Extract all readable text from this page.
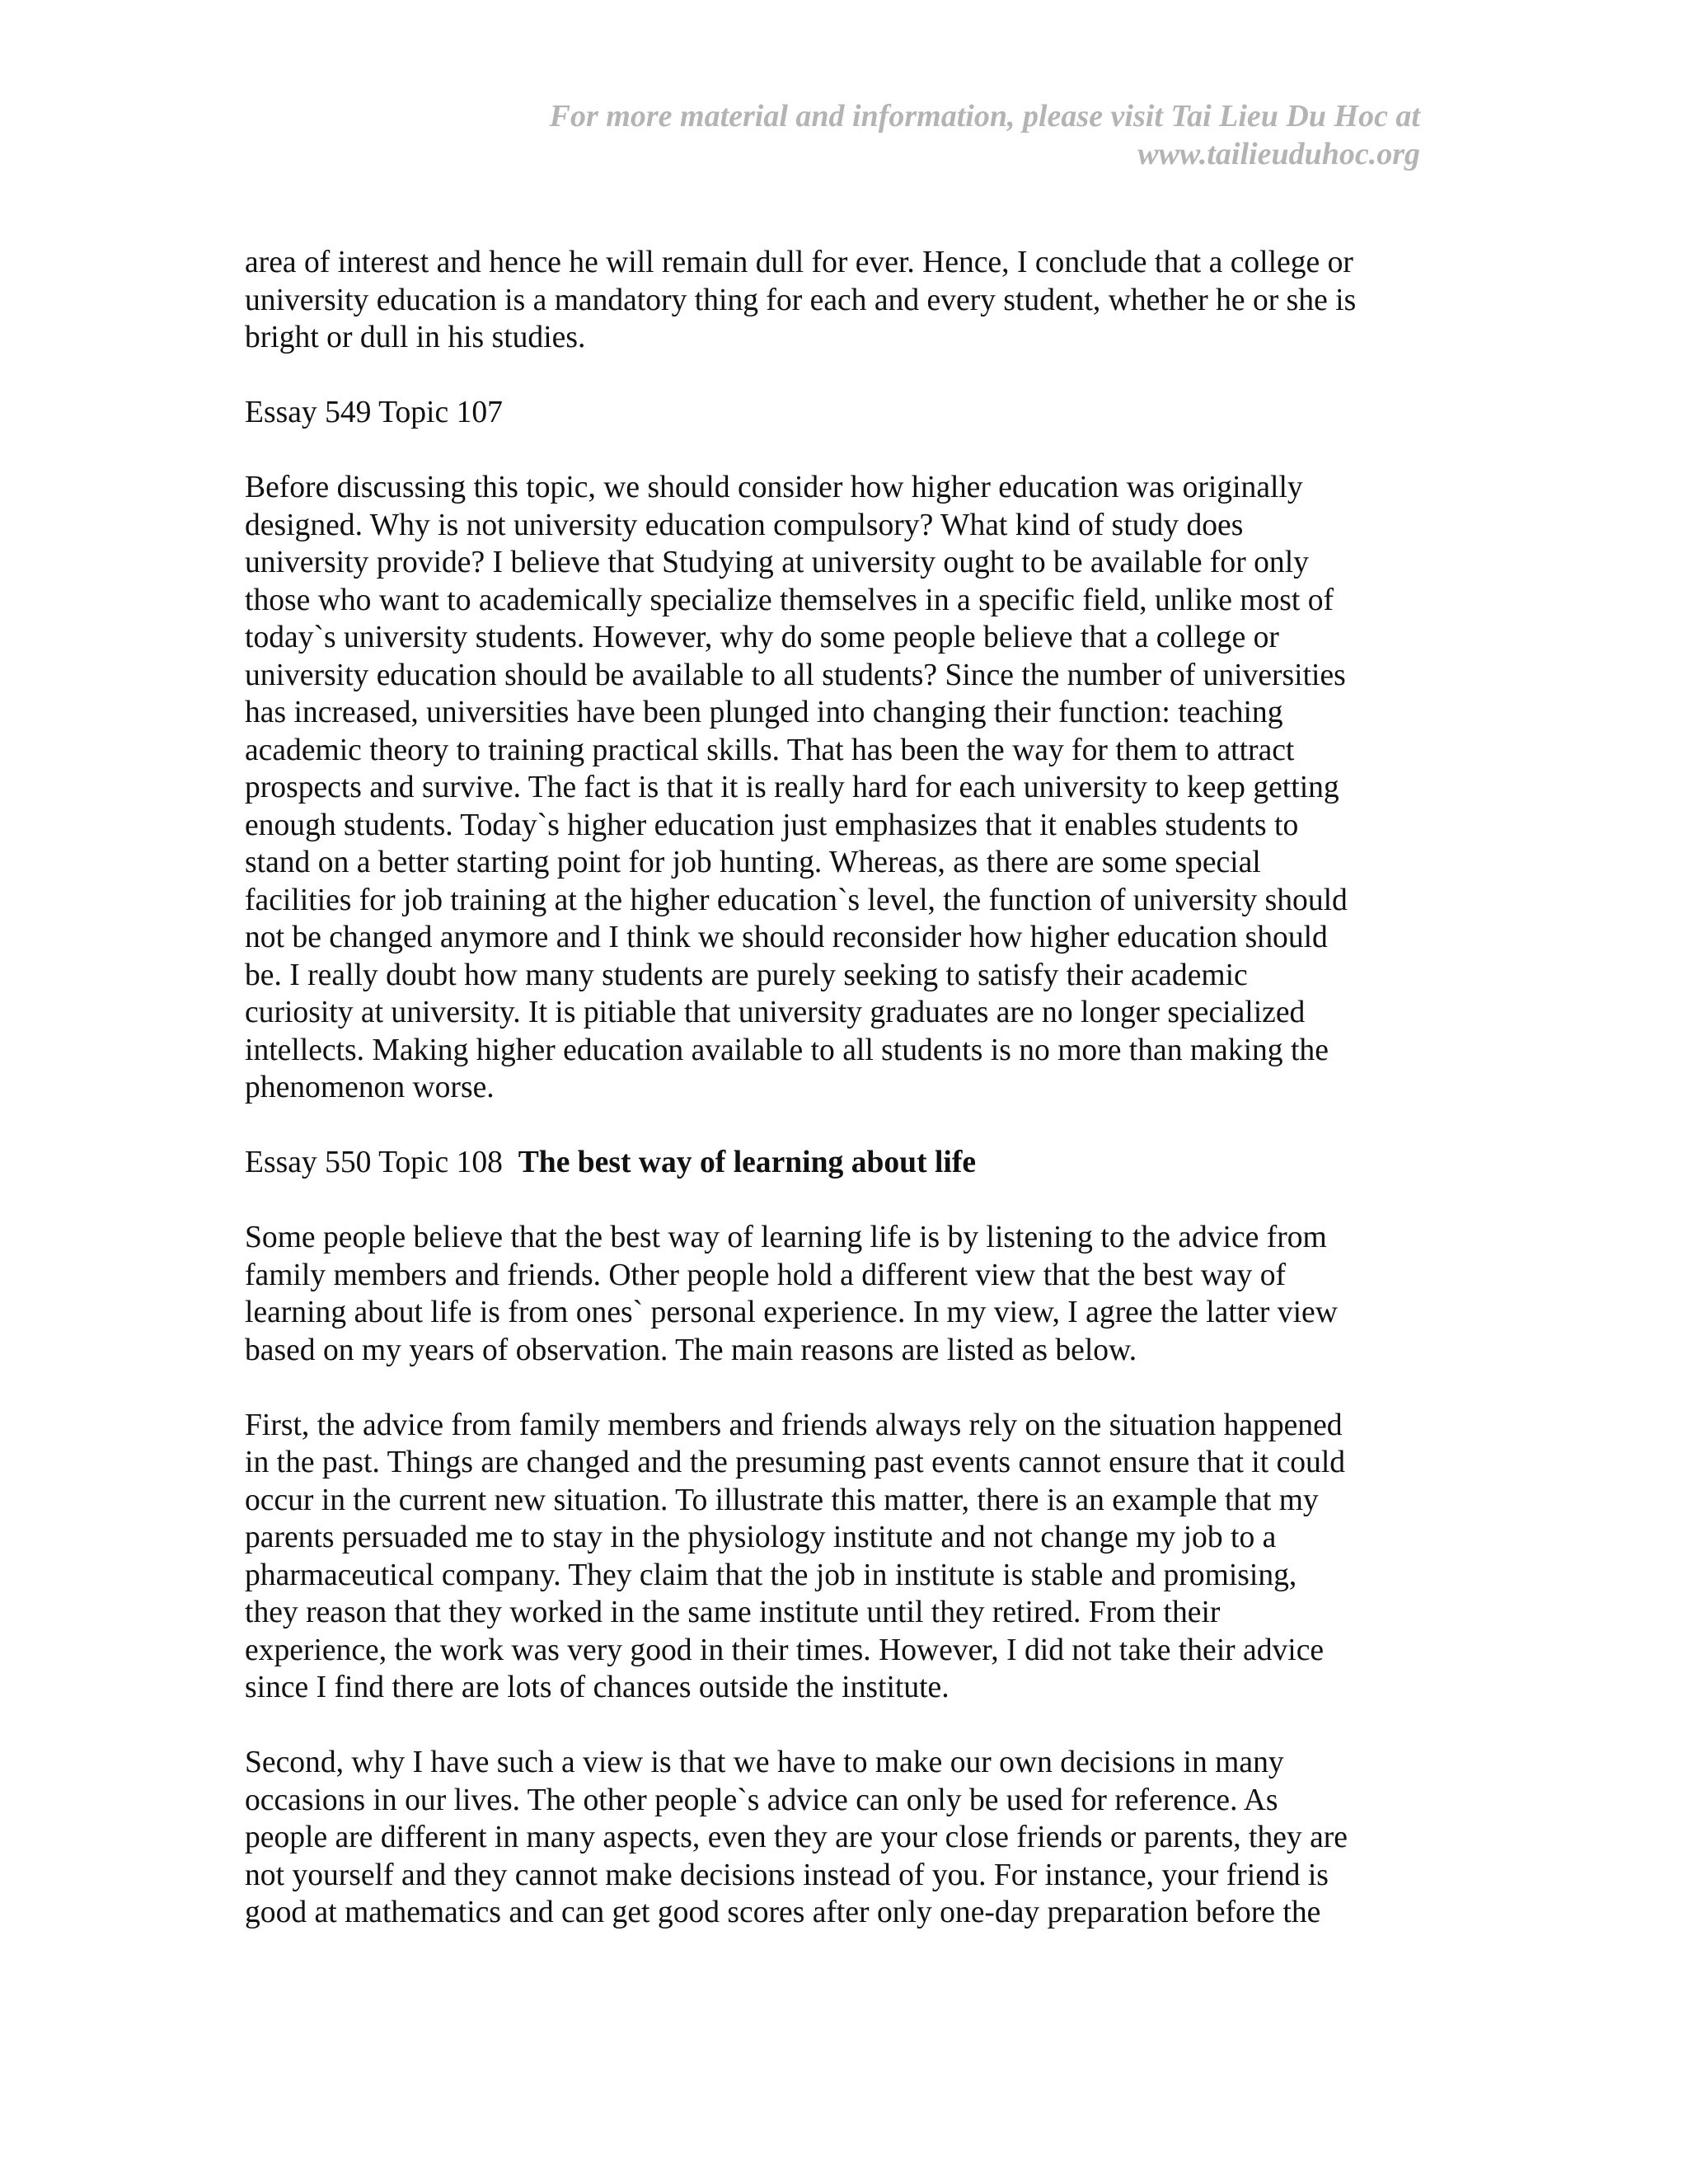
For more material and information, please visit Tai Lieu Du Hoc at
www.tailieuduhoc.org
area of interest and hence he will remain dull for ever. Hence, I conclude that a college or
university education is a mandatory thing for each and every student, whether he or she is
bright or dull in his studies.
Essay 549 Topic 107
Before discussing this topic, we should consider how higher education was originally
designed. Why is not university education compulsory? What kind of study does
university provide? I believe that Studying at university ought to be available for only
those who want to academically specialize themselves in a specific field, unlike most of
today`s university students. However, why do some people believe that a college or
university education should be available to all students? Since the number of universities
has increased, universities have been plunged into changing their function: teaching
academic theory to training practical skills. That has been the way for them to attract
prospects and survive. The fact is that it is really hard for each university to keep getting
enough students. Today`s higher education just emphasizes that it enables students to
stand on a better starting point for job hunting. Whereas, as there are some special
facilities for job training at the higher education`s level, the function of university should
not be changed anymore and I think we should reconsider how higher education should
be. I really doubt how many students are purely seeking to satisfy their academic
curiosity at university. It is pitiable that university graduates are no longer specialized
intellects. Making higher education available to all students is no more than making the
phenomenon worse.
Essay 550 Topic 108 The best way of learning about life
Some people believe that the best way of learning life is by listening to the advice from
family members and friends. Other people hold a different view that the best way of
learning about life is from ones` personal experience. In my view, I agree the latter view
based on my years of observation. The main reasons are listed as below.
First, the advice from family members and friends always rely on the situation happened
in the past. Things are changed and the presuming past events cannot ensure that it could
occur in the current new situation. To illustrate this matter, there is an example that my
parents persuaded me to stay in the physiology institute and not change my job to a
pharmaceutical company. They claim that the job in institute is stable and promising,
they reason that they worked in the same institute until they retired. From their
experience, the work was very good in their times. However, I did not take their advice
since I find there are lots of chances outside the institute.
Second, why I have such a view is that we have to make our own decisions in many
occasions in our lives. The other people`s advice can only be used for reference. As
people are different in many aspects, even they are your close friends or parents, they are
not yourself and they cannot make decisions instead of you. For instance, your friend is
good at mathematics and can get good scores after only one-day preparation before the
